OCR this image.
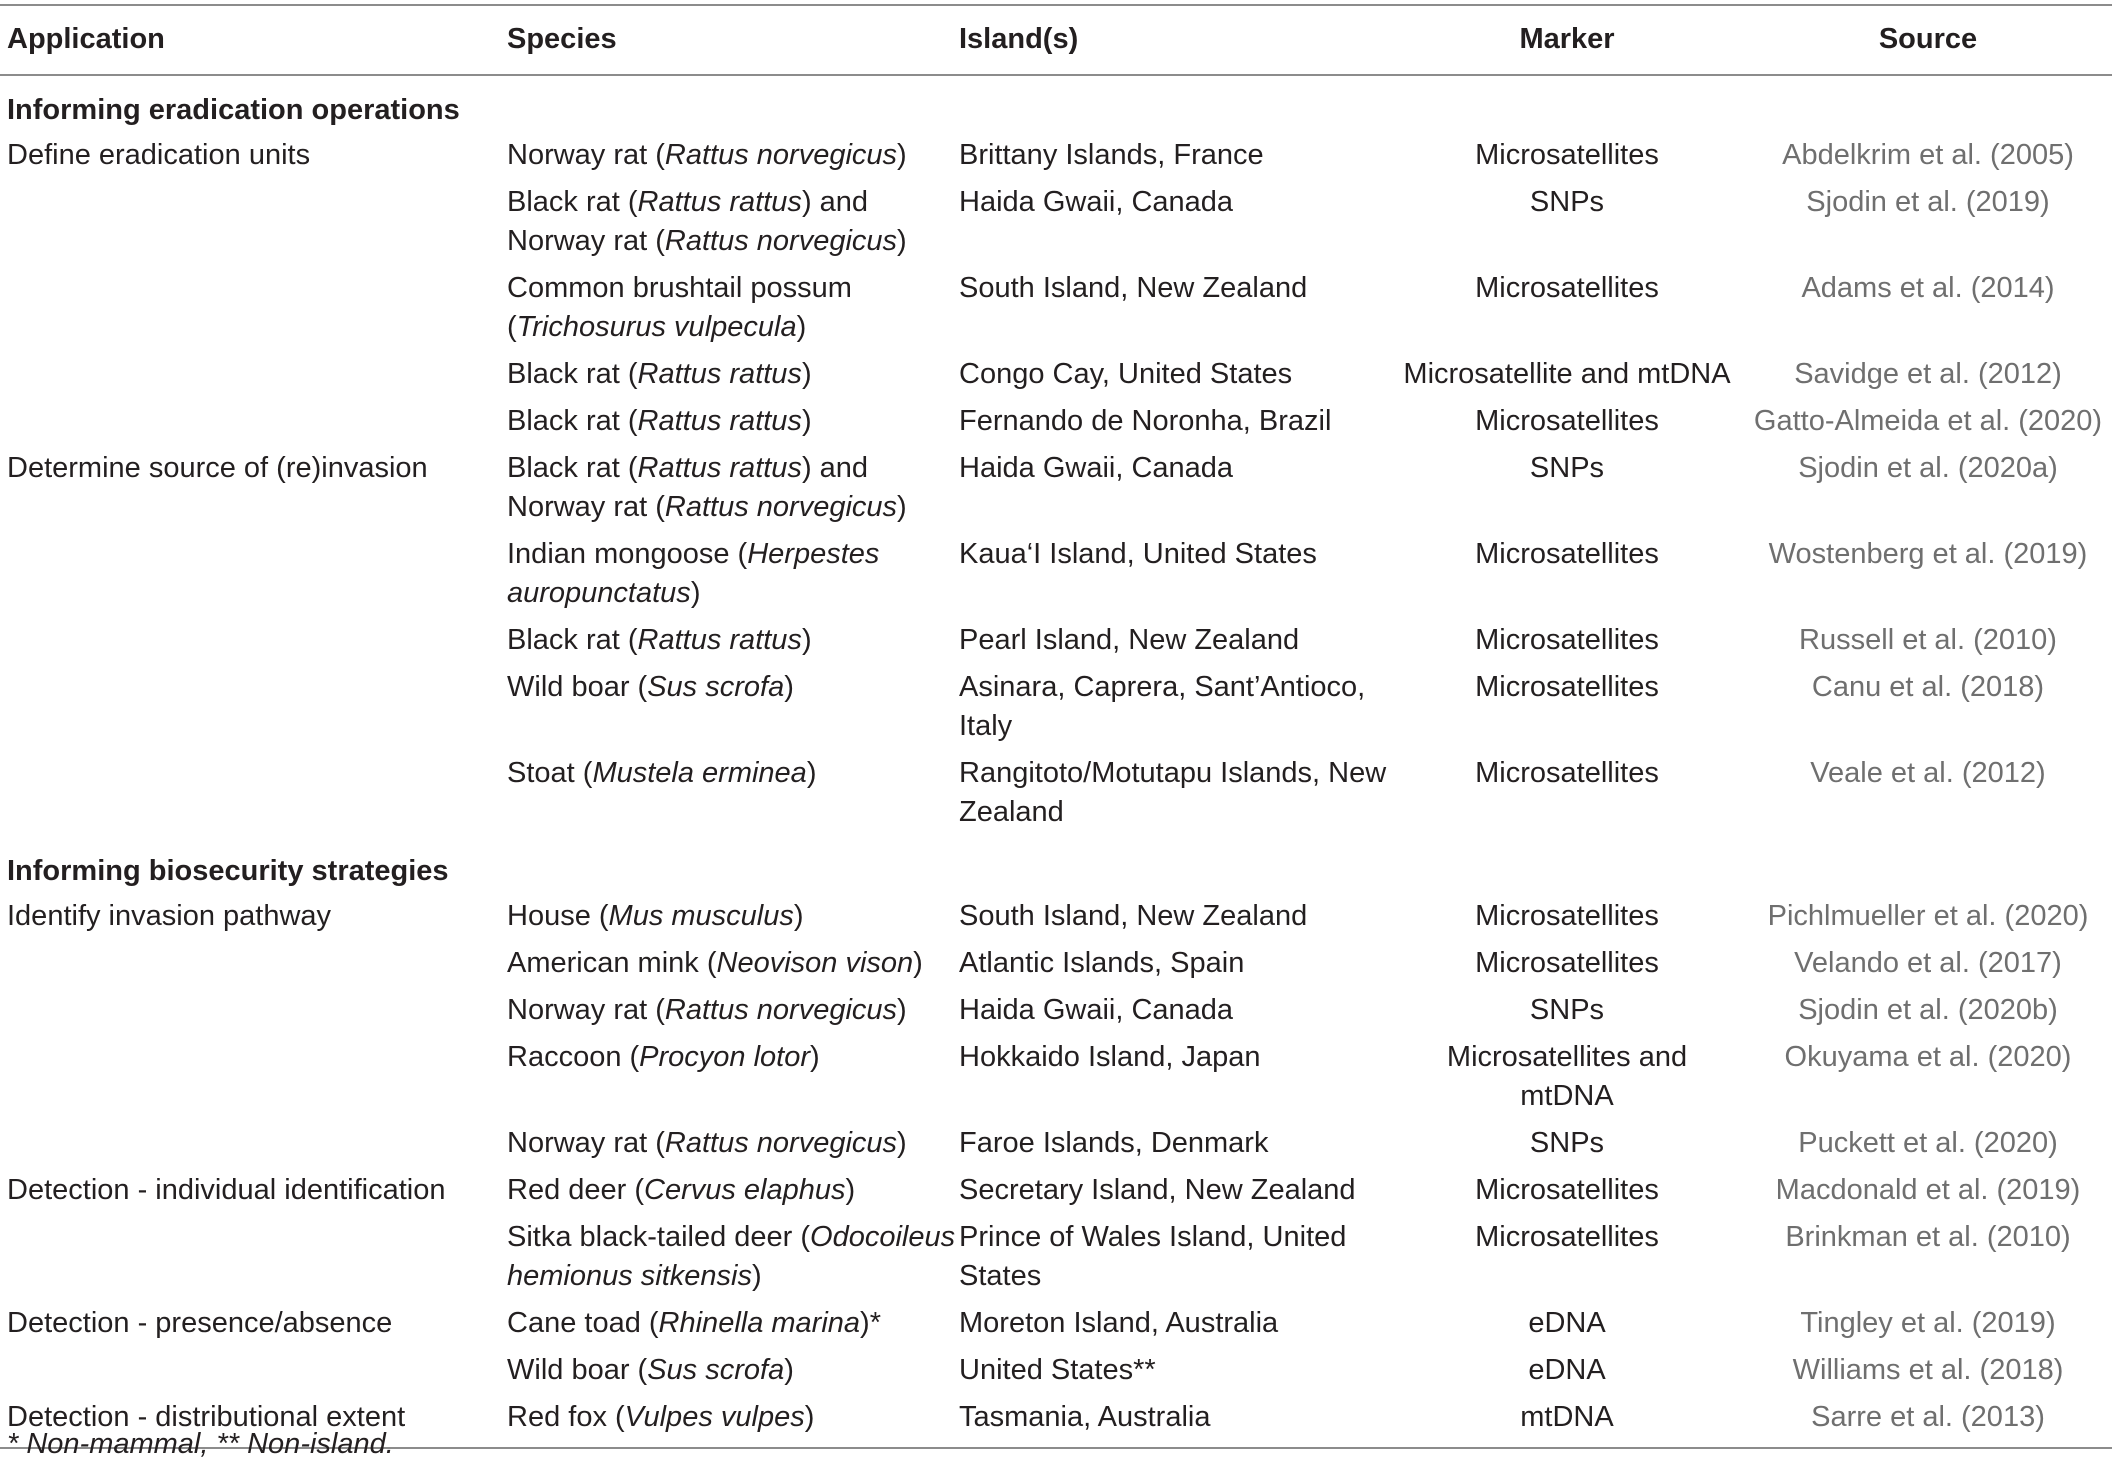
Application	Species	Island(s)	Marker	Source
Informing eradication operations				
Define eradication units	Norway rat (Rattus norvegicus)	Brittany Islands, France	Microsatellites	Abdelkrim et al. (2005)
	Black rat (Rattus rattus) and Norway rat (Rattus norvegicus)	Haida Gwaii, Canada	SNPs	Sjodin et al. (2019)
	Common brushtail possum (Trichosurus vulpecula)	South Island, New Zealand	Microsatellites	Adams et al. (2014)
	Black rat (Rattus rattus)	Congo Cay, United States	Microsatellite and mtDNA	Savidge et al. (2012)
	Black rat (Rattus rattus)	Fernando de Noronha, Brazil	Microsatellites	Gatto-Almeida et al. (2020)
Determine source of (re)invasion	Black rat (Rattus rattus) and Norway rat (Rattus norvegicus)	Haida Gwaii, Canada	SNPs	Sjodin et al. (2020a)
	Indian mongoose (Herpestes auropunctatus)	Kaua‘I Island, United States	Microsatellites	Wostenberg et al. (2019)
	Black rat (Rattus rattus)	Pearl Island, New Zealand	Microsatellites	Russell et al. (2010)
	Wild boar (Sus scrofa)	Asinara, Caprera, Sant’Antioco, Italy	Microsatellites	Canu et al. (2018)
	Stoat (Mustela erminea)	Rangitoto/Motutapu Islands, New Zealand	Microsatellites	Veale et al. (2012)
Informing biosecurity strategies				
Identify invasion pathway	House (Mus musculus)	South Island, New Zealand	Microsatellites	Pichlmueller et al. (2020)
	American mink (Neovison vison)	Atlantic Islands, Spain	Microsatellites	Velando et al. (2017)
	Norway rat (Rattus norvegicus)	Haida Gwaii, Canada	SNPs	Sjodin et al. (2020b)
	Raccoon (Procyon lotor)	Hokkaido Island, Japan	Microsatellites and mtDNA	Okuyama et al. (2020)
	Norway rat (Rattus norvegicus)	Faroe Islands, Denmark	SNPs	Puckett et al. (2020)
Detection - individual identification	Red deer (Cervus elaphus)	Secretary Island, New Zealand	Microsatellites	Macdonald et al. (2019)
	Sitka black-tailed deer (Odocoileus hemionus sitkensis)	Prince of Wales Island, United States	Microsatellites	Brinkman et al. (2010)
Detection - presence/absence	Cane toad (Rhinella marina)*	Moreton Island, Australia	eDNA	Tingley et al. (2019)
	Wild boar (Sus scrofa)	United States**	eDNA	Williams et al. (2018)
Detection - distributional extent	Red fox (Vulpes vulpes)	Tasmania, Australia	mtDNA	Sarre et al. (2013)
* Non-mammal, ** Non-island.
